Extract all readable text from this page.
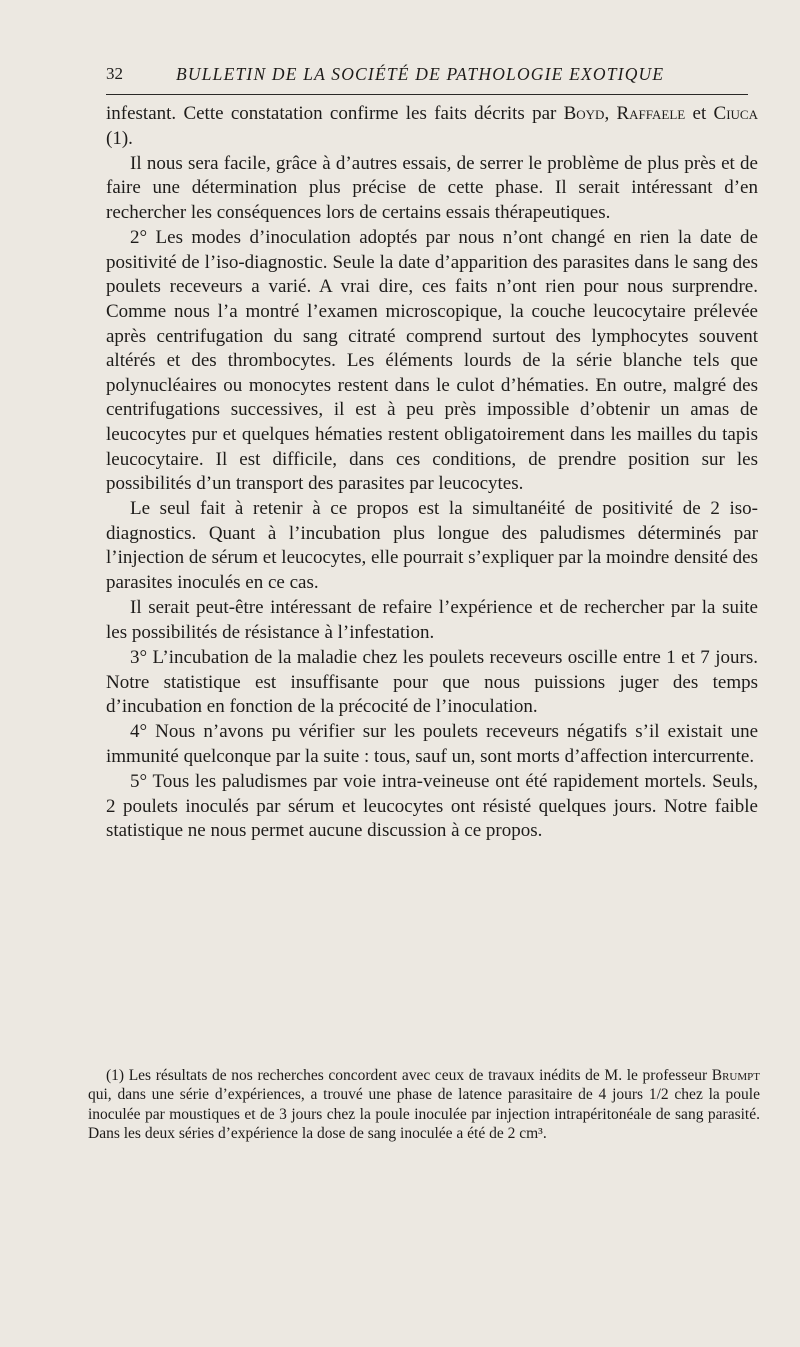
32	BULLETIN DE LA SOCIÉTÉ DE PATHOLOGIE EXOTIQUE

infestant. Cette constatation confirme les faits décrits par Boyd, Raffaele et Ciuca (1).

Il nous sera facile, grâce à d’autres essais, de serrer le problème de plus près et de faire une détermination plus précise de cette phase. Il serait intéressant d’en rechercher les conséquences lors de certains essais thérapeutiques.

2° Les modes d’inoculation adoptés par nous n’ont changé en rien la date de positivité de l’iso-diagnostic. Seule la date d’apparition des parasites dans le sang des poulets receveurs a varié. A vrai dire, ces faits n’ont rien pour nous surprendre. Comme nous l’a montré l’examen microscopique, la couche leucocytaire prélevée après centrifugation du sang citraté comprend surtout des lymphocytes souvent altérés et des thrombocytes. Les éléments lourds de la série blanche tels que polynucléaires ou monocytes restent dans le culot d’hématies. En outre, malgré des centrifugations successives, il est à peu près impossible d’obtenir un amas de leucocytes pur et quelques hématies restent obligatoirement dans les mailles du tapis leucocytaire. Il est difficile, dans ces conditions, de prendre position sur les possibilités d’un transport des parasites par leucocytes.

Le seul fait à retenir à ce propos est la simultanéité de positivité de 2 iso-diagnostics. Quant à l’incubation plus longue des paludismes déterminés par l’injection de sérum et leucocytes, elle pourrait s’expliquer par la moindre densité des parasites inoculés en ce cas.

Il serait peut-être intéressant de refaire l’expérience et de rechercher par la suite les possibilités de résistance à l’infestation.

3° L’incubation de la maladie chez les poulets receveurs oscille entre 1 et 7 jours. Notre statistique est insuffisante pour que nous puissions juger des temps d’incubation en fonction de la précocité de l’inoculation.

4° Nous n’avons pu vérifier sur les poulets receveurs négatifs s’il existait une immunité quelconque par la suite : tous, sauf un, sont morts d’affection intercurrente.

5° Tous les paludismes par voie intra-veineuse ont été rapidement mortels. Seuls, 2 poulets inoculés par sérum et leucocytes ont résisté quelques jours. Notre faible statistique ne nous permet aucune discussion à ce propos.

(1) Les résultats de nos recherches concordent avec ceux de travaux inédits de M. le professeur Brumpt qui, dans une série d’expériences, a trouvé une phase de latence parasitaire de 4 jours 1/2 chez la poule inoculée par moustiques et de 3 jours chez la poule inoculée par injection intrapéritonéale de sang parasité. Dans les deux séries d’expérience la dose de sang inoculée a été de 2 cm³.
